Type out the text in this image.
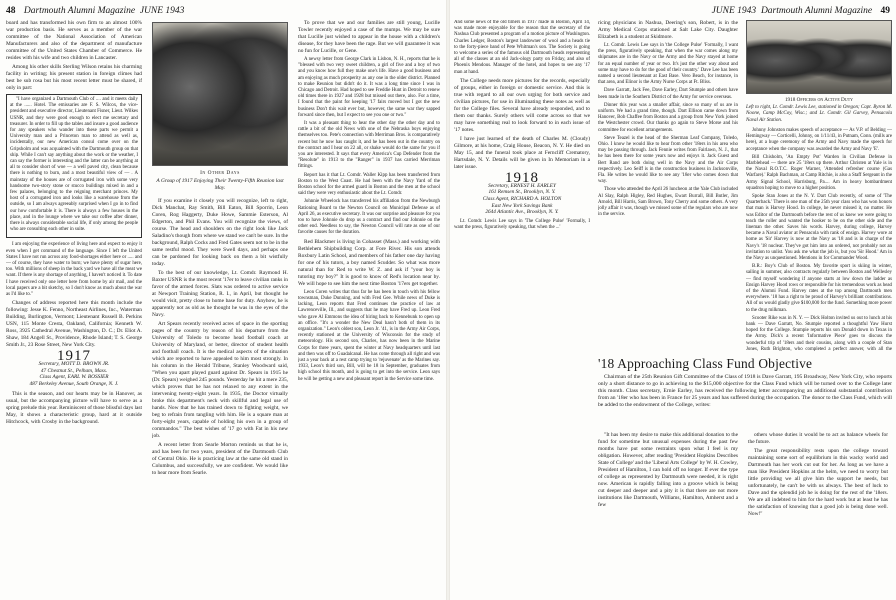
48 Dartmouth Alumni Magazine JUNE 1943

board and has transformed his own firm to an almost 100% war production basis. He serves as a member of the war committee of the National Association of American Manufacturers and also of the department of manufacture committee of the United States Chamber of Commerce. He resides with his wife and two children in Lancaster.

Among his other skills Sterling Wilson retains his charming facility in writing; his present station in foreign climes had best be sub rosa but his most recent letter must be shared, if only in part:

"I have organized a Dartmouth Club of .... and it meets daily at the ...... Hotel. The emissaries are F. S. Wilcox, the vice-president and executive director, Lieutenant Fisner, Lieut. Wilkes USNR, and they were good enough to elect me secretary and treasurer. In order to fill up the tables and insure a good audience for any speakers who wander into these parts we permit a University man and a Princeton man to attend as well as, incidentally, our new American consul come over on the Gripsholm and was acquainted with the Dartmouth group on that ship. While I can't say anything about the work or the weather, I can say the former is interesting and the latter can be anything at all to consider short of woe — a well paved city, clean because there is nothing to burn, and a most beautiful view of — . A mainstay of the houses are of corrugated iron with some very handsome two-story stone or stucco buildings mixed in and a few palaces, belonging to the reigning merchant princes. My host of a corrugated iron and looks like a warehouse from the outside, so I am always agreeably surprised when I go in to find our how comfortable it is. There is always a few houses in the place, and in the lounge where we take our coffee after dinner, there is always considerable social life, if only among the people who are consulting each other in suite.

I am enjoying the experience of living here and expect to enjoy it even when I get command of the language. Since I left the United States I have not run across any food-shortages either here or ..... and — of course, they have water to burn; we have plenty of sugar here, too. With millions of sheep in the back yard we have all the meat we want. If there is any shortage of anything, I haven't noticed it. To date I have received only one letter here from home by air mail, and the local papers are a bit sketchy, so I don't know as much about the war as I'd like to."

Changes of address reported here this month include the following: Jesse K. Fenno, Northeast Airlines, Inc., Waterman Building, Burlington, Vermont; Lieutenant Russell B. Perkins USN, 115 Monte Cresta, Oakland, California; Kenneth W. Ross, 3925 Cathedral Avenue, Washington, D. C.; Dr. Eliot A. Shaw, 184 Angell St., Providence, Rhode Island; T. S. George Smith Jr., 23 Rose Street, New York City.

1917
Secretary, MOTT D. BROWN JR.
47 Chestnut St., Pelham, Mass.
Class Agent, EARL W. BOSSIER
487 Berkeley Avenue, South Orange, N. J.

This is the season, and our hearts may be in Hanover, as usual, but the accompanying picture will have to serve as a spring prelude this year. Reminiscent of those blissful days last May, it shows a characteristic group, hard at it outside Hitchcock, with Crosby in the background.

In Other Days
A Group of 1917 Enjoying Their Twenty-Fifth Reunion last May.

If you examine it closely you will recognize, left to right, Dick Manchat, Ray Smith, Bill Eaton, Bill Sporrin, Leon Coren, Rog Haggerty, Duke Howe, Sammie Esterson, Al Edgerton, and Phil Evans. You will recognize the views, of course. The head and shoulders on the right look like Jack Saladino's though from where we stand we can't be sure. In the background, Ralph Cocks and Fred Gates seem not to be in the same restful mood. They were Swell days, and perhaps one can be pardoned for looking back on them a bit wistfully today.

To the best of our knowledge, Lt. Comdr. Raymond H. Baxter USNR is the most recent '17er to leave civilian ranks in favor of the armed forces. Slats was ordered to active service at Newport Training Station, R. I., in April, but thought he would visit, pretty close to home base for duty. Anyhow, he is apparently not as old as he thought he was in the eyes of the Navy.

Art Spears recently received acres of space in the sporting pages of the country by reason of his departure from the University of Toledo to become head football coach at University of Maryland, or better, director of student health and football coach. It is the medical aspects of the situation which are reported to have appealed to him most strongly. In his column in the Herald Tribune, Stanley Woodward said, "When you apart played guard against Dr. Spears in 1915 he (Dr. Spears) weighed 245 pounds. Yesterday he hit a mere 235, which proves that he has not relaxed to any extent in the intervening twenty-eight years. In 1935, the Doctor virtually broke this department's neck with skillful and legal use of hands. Now that he has trained down to fighting weight, we beg to refrain from tangling with him. He is a square man at forty-eight years, capable of holding his own in a group of commandos." The best wishes of '17 go with Fat in his new job.

A recent letter from Searle Morton reminds us that he is, and has been for two years, president of the Dartmouth Club of Central Ohio. He is practicing law at the same old stand in Columbus, and successfully, we are confident. We would like to hear more from Searle.

To prove that we and our families are still young, Lucille Towler recently enjoyed a case of the mumps. We may be sure that Lucille just wished to appear in the house with a children's disease, for they have been the rage. But we will guarantee it was no fun for Lucille, or Gene.

A newsy letter from George Clark in Lisbon, N. H., reports that he is "blessed with two very sweet children, a girl of five and a boy of two and you know how full they make one's life. Have a good business and am enjoying as much prosperity as any one in the older district. Planned to make Reunion but didn't do it. It was a long time since I was in Chicago and Detroit. Had hoped to see Freddie Hunt in Detroit to renew old times there in 1927 and 1928 but missed out there, also. For a time, I found that the paint for keeping '17 fairs moved but I got the new business Don't this wait ever but, however, the same war they sapped forward since then, but I expect to see you one or two."

It was a pleasant thing to hear the other day the other day and to rattle a bit of the old News with one of the Nebraska boys enjoying themselves too. Pete's connection with Merriman Bros. is comparatively recent but he now has caught it, and he has been out in the country on the contract and I hear on 22 all, or shake would do the same for you if you are interested. It says that every America's Cup Defender from the "Resolute" in 1913 to the "Ranger" in 1937 has carried Merriman fittings.

Report has it that Lt. Comdr. Waller Kipp has been transferred from Boston to the West Coast. He had been with the Navy Yard of the Boston school for the armed guard in Boston and the men at the school said they were very enthusiastic about the Lt. Comdr.

Johnnie Wheelock has transferred his affiliation from the Newburgh Rationing Board to the Newton Council on Municipal Defense as of April 26, as executive secretary. It was our surprise and pleasure for you too to have Johnnie do drop us a contract and find our Johnnie on the other end. Needless to say, the Newton Council will rate as one of our favorite causes for the duration.

Red Blackmer is living in Cohasset (Mass.) and working with Bethlehem Shipbuilding Corp. at Fore River. His son attends Roxbury Latin School, and members of his father one day having for one of his tutors, a boy named Scudder. So what was more natural than for Red to write W. Z. and ask if "your boy is tutoring my boy?" It is good to know of Red's location near by. We will hope to see him the next time Boston '17ers get together.

Leon Coren writes that thus far he has been in touch with his fellow townsman, Duke Dunning, and with Fred Gee. While news of Duke is lacking, Leon reports that Fred continues the practice of law at Lawrenceville, Ill., and suggests that he may have Fred up. Leon Fred who gave Al Emmons the idea of hiring back to Kennebunk to open up an office. "It's a wonder the New Deal hasn't both of them in its organization." Leon's oldest son, Leon Jr. '41, is in the Army Air Corps, recently stationed at the University of Wisconsin for the study of meteorology. His second son, Charles, has now been in the Marine Corps for three years, spent the winter at Navy headquarters until last and then was off to Guadalcanal. He has come through all right and was just a year back at a rest camp trying to 'rejuvenate' as the Marines say. 1933, Leon's third son, Bill, will be 18 in September, graduates from high school this month, and is going to get into the service. Leon says he will be getting a new and pleasant report in the Service some time.

JUNE 1943 Dartmouth Alumni Magazine 49

And some news of the old timers in 1917 made in Boston, April 14, was made more enjoyable for the reason that the secretary of the Nashua Club presented a program of a motion picture of Washington. Charles Ledger, Boston's largest landowner of wool and a heads tie to the forty-piece band of Pete Whitman's son. The Society is going to welcome a series of the famous old Dartmouth heads representing all of the classes at an old Jack-ology party on Friday, and also of Phoenix Mendous. Manager of the hotel, and hopes to see any '17 man at hand.

The College needs more pictures for the records, especially of groups, either in foreign or domestic service. And this is true with regard to all our own urging for both service and civilian pictures, for use in illuminating these notes as well as for the College files. Several have already responded, and to them our thanks. Surely others will come across so that we may have something real to look forward to in each issue of '17 notes.

I have just learned of the death of Charles M. (Cloudy) Gilmore, at his home, Craig House, Beacon, N. Y. He died on May 15, and the funeral took place at Ferncliff Crematory, Hartsdale, N. Y. Details will be given in In Memoriam in a later issue.

1918
Secretary, ERNEST H. EARLEY
161 Remsen St., Brooklyn, N. Y.
Class Agent, RICHARD A. HOLTON
East New York Savings Bank
2644 Atlantic Ave., Brooklyn, N. Y.

Lt. Comdr. Lewis Lee says in 'The College Pulse' 'Formally, I want the press, figuratively speaking, that when the ...'

ricing physicians in Nashua, Deering's son, Robert, is in the Army Medical Corps stationed at Salt Lake City. Daughter Elizabeth is a student at Skidmore.

Lt. Comdr. Lewis Lee says in 'the College Pulse' 'Formally, I want the press, figuratively speaking, that when the war comes along my shipmates are in the Navy or the Army and the Navy stayed at home for an equal number of year or two. It's just the other way about and some may have to do for the good of their country.' Dave Lee has been named a second lieutenant at East Base. Vero Beach, for instance, in that area, and Elinor is the Army Nurse Corps at Ft. Bliss.

Dave Garratt, Jack Fee, Dave Earley, Dart Stumpie and others have been made in the Southern District of the Army for service overseas.

Dinner this year was a smaller affair, since so many of us are in uniform. We had a grand time, though. Dart Ellison came down from Hanover, Bob Chaffee from Boston and a group from New York joined the Westchester crowd. Our thanks go again to Steve Morse and his committee for excellent arrangements.

Steve Teazel is the head of the Sherman Leaf Company, Toledo, Ohio. I know he would like to hear from other '18ers in his area who may be passing through. Jack Fennie writes from Fairlawn, N. J., that he has been there for some years now and enjoys it. Jack Guest and Bert Rand are both doing well in the Navy and the Air Corps respectively. Leo Seiff is in the construction business in Jacksonville, Fla. He writes he would like to see any '18er who comes down that way.

Those who attended the April 26 luncheon at the Yale Club included Al Slay, Ralph Higley, Red Hughes, Ewart Burrall, Bill Butler, Jim Arnold, Bill Harris, Sam Brown, Tony Cherry and some others. A very jolly affair it was, though we missed some of the regulars who are now in the service.

1918 Officers on Active Duty
Left to right, Lt. Comdr. Lewis Lee, stationed in Oregon; Capt. Byron M. Noone, Camp McCoy, Wisc.; and Lt. Comdr. Gil Garvey, Pensacola Naval Air Station.

Johnny Johnston makes speech of acceptance — As V.P. of Belding — Hemingway — Corticelli, Johnny, on 1/11/43, in Putnam, Conn. (mills are here), at a huge ceremony of the Army and Navy made the speech for acceptance when the company was awarded the Army and Navy 'E'.

Bill Chisholm, 'An Empty Pot' Warden in Civilian Defense in Marblehead — there are 25 '18ers up there. Arthur Christen at Yale is in the Naval R.O.T.C. Roger Warner, 'Attended refresher course (Gas Warfare).' Ralph Bachman, at Camp Ritchie, is also a Staff Sergeant in the Army Signal School, Harrisburg, Pa.... Am in heavy bombardment squadron hoping to move to a higher position.

Spoke Stan Jones at the N. Y. Dart Club recently, of some of 'The Quarterback.' There is one man of the 25th year class who has won honors that man is Harvey Hood. In college, he never missed it, no matter. He was Editor of the Dartmouth before the rest of us knew we were going to teach the roller and wanted the hooker to be on the other side and the lineman the other. Saves his words. Harvey, during college, Harvey became a Naval aviator at Pensacola with rank of ensign. Harvey wore at home as 'Sir' Harvey is now at the Navy as '18 and is in charge of the Navy's '18 nuclear. They've got him into an ordered, not probably not an invitation to unlist. You ask me what the job is, but you 'Sir Hood.' Am in the Navy as unquestioned. Mentions in for Commander Wood.

B.R.: Boy's Club of Boston. My favorite sport is skiing in winter, sailing in summer, also contracts regularly between Boston and Wellesley — find myself wondering if anyone starts at low down the ladder as Ensign Harvey Hood rows or responsible for his tremendous work as head of the Alumni Fund. Harvey rates at the top among Dartmouth men everywhere. '18 has a right to be proud of Harvey's brilliant contributions. All of us would gladly give $100,000 for the fund. Something more power to the drug milkman.

Scooter Rike was in N. Y. — Dick Holton invited us out to lunch at his bank — Dave Garratt, No. Stumpie reported a thoughtful Yaw Hurst hoped for the College. Stumpie reports his son Donald down in Texas in the Army. Dick's a recent 'Informative Piece' goes to discuss the wonderful trip of '18ers and their cousins, along with a couple of Stan Jones, Ruth Brighton, who completed a perfect answer, with all the

'18 Approaching Class Fund Objective

Chairman of the 25th Reunion Gift Committee of the Class of 1918 is Dave Garratt, 195 Broadway, New York City, who reports only a short distance to go in achieving to the $15,000 objective for the Class Fund which will be turned over to the College later this month. Class secretary, Ernie Earley, has received the following letter accompanying an additional substantial contribution from an '18er who has been in France for 25 years and has suffered during the occupation. The donor to the Class Fund, which will be added to the endowment of the College, writes:

"It has been my desire to make this additional donation to the fund for sometime but unusual expenses during the past few months have put some restraints upon what I feel is my obligation. However, after reading 'President Hopkins Describes State of College' and the 'Liberal Arts College' by W. H. Cowley, President of Hamilton, I can hold off no longer. If ever the type of college as represented by Dartmouth were needed, it is right now. American is rapidly falling into a groove which is being cut deeper and deeper and a pity it is that there are not more institutions like Dartmouth, Williams, Hamilton, Amherst and a few

others whose duties it would be to act as balance wheels for the future.

The great responsibility rests upon the college toward maintaining some sort of equilibrium in this wacky world and Dartmouth has her work cut out for her. As long as we have a man like President Hopkins at the helm, we need to worry but little providing we all give him the support he needs, but unfortunately, he can't be with us always. The best of luck to Dave and the splendid job he is doing for the rest of the '18ers. We are all indebted to him for the hard work but at least he has the satisfaction of knowing that a good job is being done well. Now!"
